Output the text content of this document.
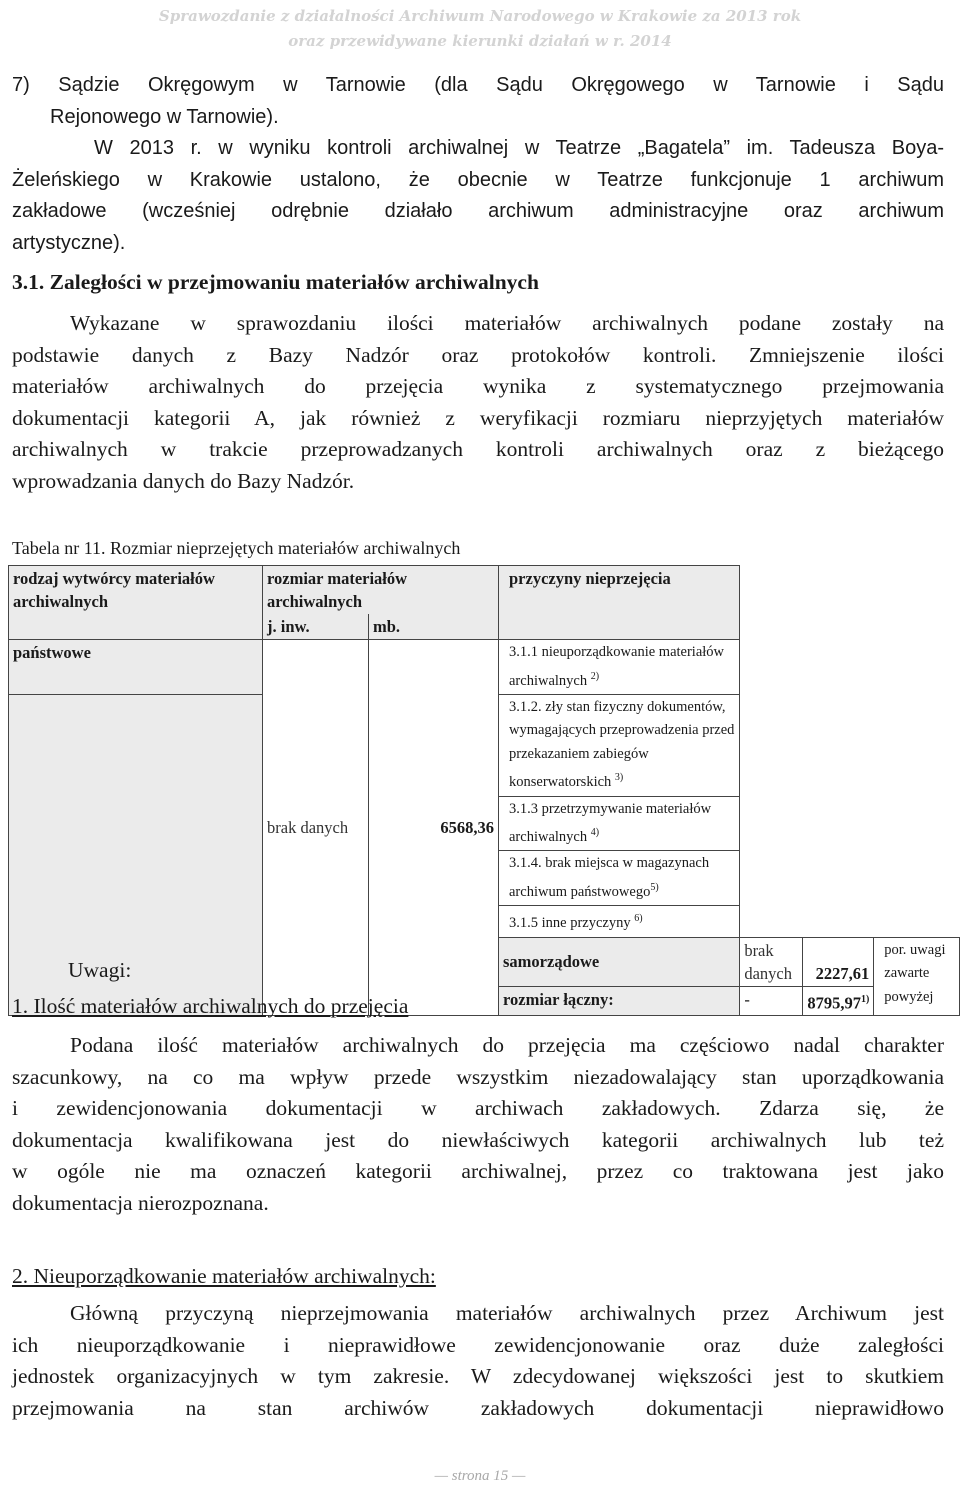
Sprawozdanie z działalności Archiwum Narodowego w Krakowie za 2013 rok
oraz przewidywane kierunki działań w r. 2014
7) Sądzie Okręgowym w Tarnowie (dla Sądu Okręgowego w Tarnowie i Sądu
Rejonowego w Tarnowie).
W 2013 r. w wyniku kontroli archiwalnej w Teatrze „Bagatela” im. Tadeusza Boya-
Żeleńskiego w Krakowie ustalono, że obecnie w Teatrze funkcjonuje 1 archiwum
zakładowe (wcześniej odrębnie działało archiwum administracyjne oraz archiwum
artystyczne).
3.1. Zaległości w przejmowaniu materiałów archiwalnych
Wykazane w sprawozdaniu ilości materiałów archiwalnych podane zostały na
podstawie danych z Bazy Nadzór oraz protokołów kontroli. Zmniejszenie ilości
materiałów archiwalnych do przejęcia wynika z systematycznego przejmowania
dokumentacji kategorii A, jak również z weryfikacji rozmiaru nieprzyjętych materiałów
archiwalnych w trakcie przeprowadzanych kontroli archiwalnych oraz z bieżącego
wprowadzania danych do Bazy Nadzór.
Tabela nr 11. Rozmiar nieprzejętych materiałów archiwalnych
rodzaj wytwórcy materiałów archiwalnych	rozmiar materiałów archiwalnych		przyczyny nieprzejęcia			
	j. inw.	mb.				
państwowe	brak danych	6568,36	3.1.1 nieuporządkowanie materiałów archiwalnych $^{2)}$
			3.1.2. zły stan fizyczny dokumentów, wymagających przeprowadzenia przed przekazaniem zabiegów konserwatorskich $^{3)}$
			3.1.3 przetrzymywanie materiałów archiwalnych $^{4)}$
			3.1.4. brak miejsca w magazynach archiwum państwowego$^{5)}$
			3.1.5 inne przyczyny $^{6)}$
			samorządowe	brak danych	2227,61	por. uwagi zawarte powyżej
			rozmiar łączny:	-	8795,97$^{1)}$
Uwagi:
1. Ilość materiałów archiwalnych do przejęcia
Podana ilość materiałów archiwalnych do przejęcia ma częściowo nadal charakter
szacunkowy, na co ma wpływ przede wszystkim niezadowalający stan uporządkowania
i zewidencjonowania dokumentacji w archiwach zakładowych. Zdarza się, że
dokumentacja kwalifikowana jest do niewłaściwych kategorii archiwalnych lub też
w ogóle nie ma oznaczeń kategorii archiwalnej, przez co traktowana jest jako
dokumentacja nierozpoznana.
2. Nieuporządkowanie materiałów archiwalnych:
Główną przyczyną nieprzejmowania materiałów archiwalnych przez Archiwum jest
ich nieuporządkowanie i nieprawidłowe zewidencjonowanie oraz duże zaległości
jednostek organizacyjnych w tym zakresie. W zdecydowanej większości jest to skutkiem
przejmowania na stan archiwów zakładowych dokumentacji nieprawidłowo
— strona 15 —
